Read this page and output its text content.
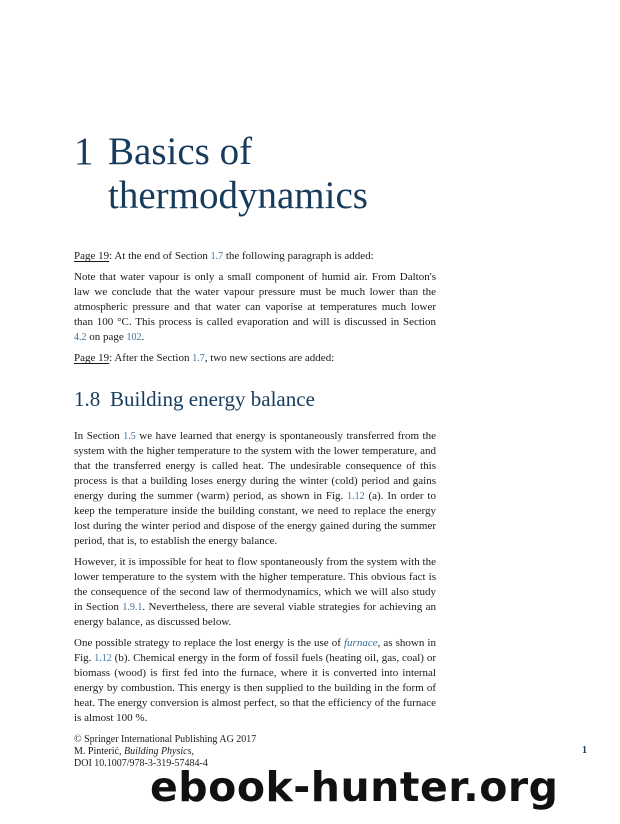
1 Basics of thermodynamics

Page 19: At the end of Section 1.7 the following paragraph is added:

Note that water vapour is only a small component of humid air. From Dalton's law we conclude that the water vapour pressure must be much lower than the atmospheric pressure and that water can vaporise at temperatures much lower than 100 °C. This process is called evaporation and will is discussed in Section 4.2 on page 102.

Page 19: After the Section 1.7, two new sections are added:

1.8 Building energy balance

In Section 1.5 we have learned that energy is spontaneously transferred from the system with the higher temperature to the system with the lower temperature, and that the transferred energy is called heat. The undesirable consequence of this process is that a building loses energy during the winter (cold) period and gains energy during the summer (warm) period, as shown in Fig. 1.12 (a). In order to keep the temperature inside the building constant, we need to replace the energy lost during the winter period and dispose of the energy gained during the summer period, that is, to establish the energy balance.

However, it is impossible for heat to flow spontaneously from the system with the lower temperature to the system with the higher temperature. This obvious fact is the consequence of the second law of thermodynamics, which we will also study in Section 1.9.1. Nevertheless, there are several viable strategies for achieving an energy balance, as discussed below.

One possible strategy to replace the lost energy is the use of furnace, as shown in Fig. 1.12 (b). Chemical energy in the form of fossil fuels (heating oil, gas, coal) or biomass (wood) is first fed into the furnace, where it is converted into internal energy by combustion. This energy is then supplied to the building in the form of heat. The energy conversion is almost perfect, so that the efficiency of the furnace is almost 100 %.

© Springer International Publishing AG 2017
M. Pinterić, Building Physics,
DOI 10.1007/978-3-319-57484-4
1
ebook-hunter.org
